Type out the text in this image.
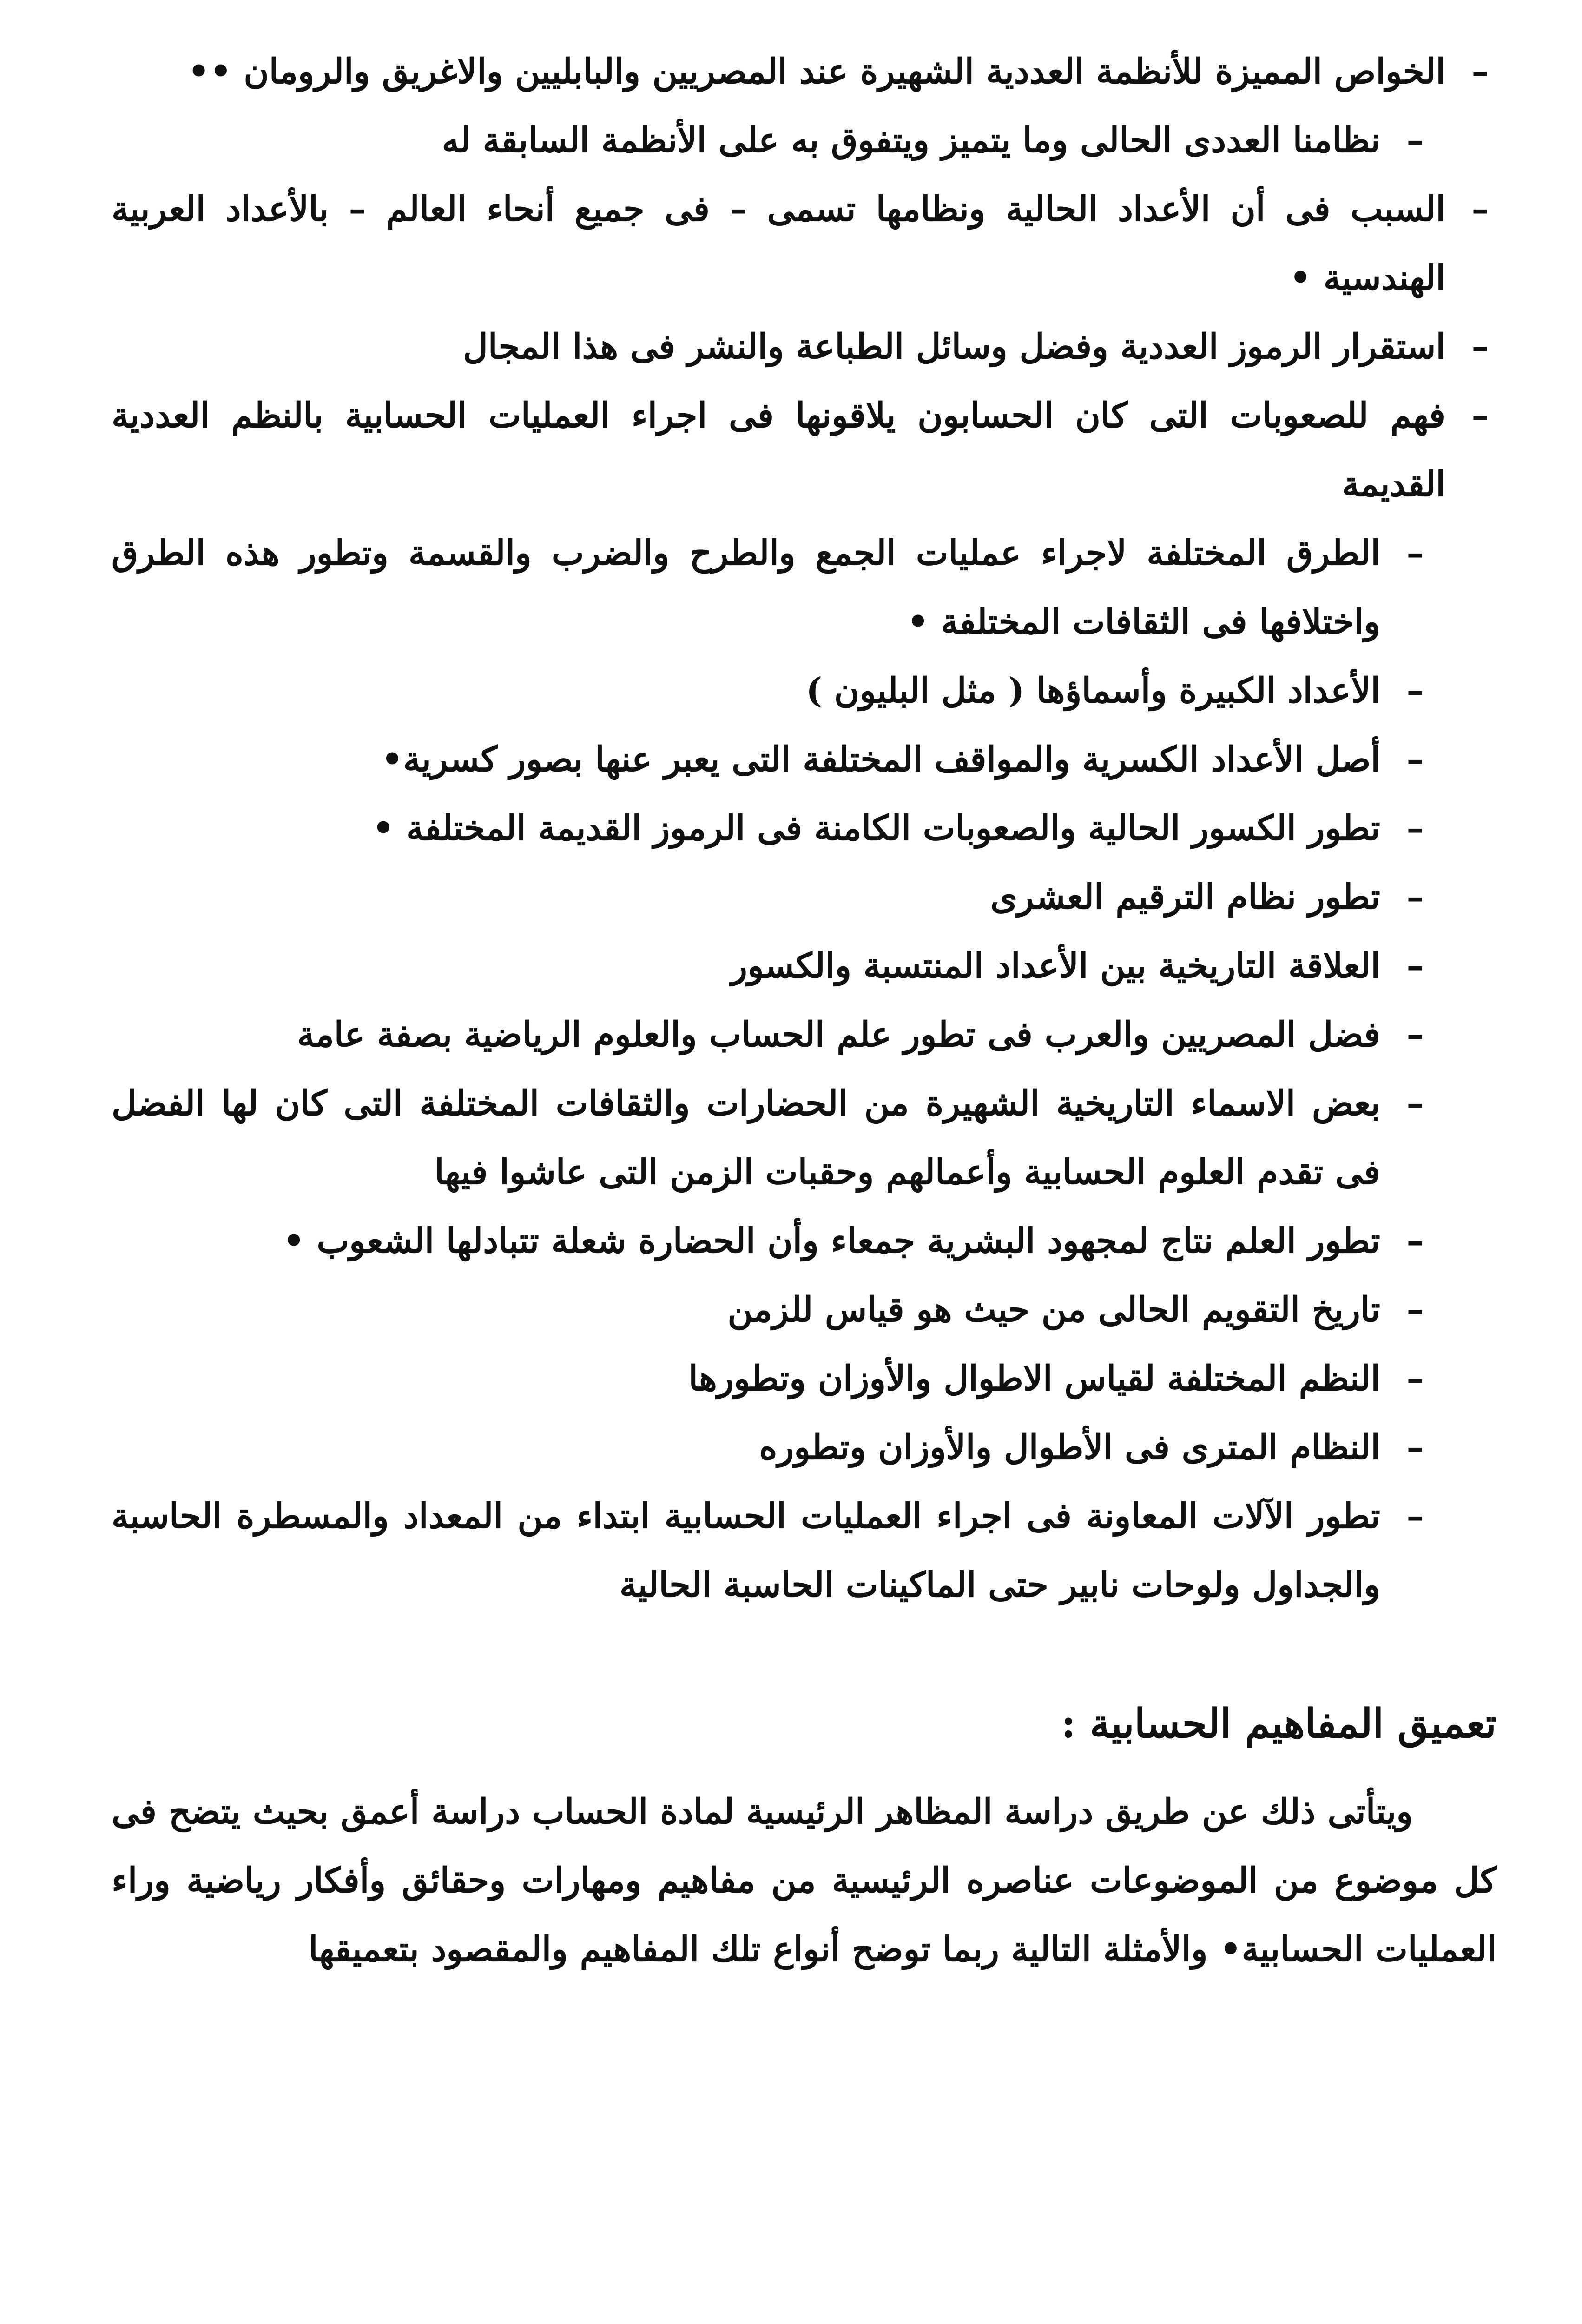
–
الخواص المميزة للأنظمة العددية الشهيرة عند المصريين والبابليين والاغريق والرومان ••
–
نظامنا العددى الحالى وما يتميز ويتفوق به على الأنظمة السابقة له
–
السبب فى أن الأعداد الحالية ونظامها تسمى – فى جميع أنحاء العالم – بالأعداد العربية الهندسية •
–
استقرار الرموز العددية وفضل وسائل الطباعة والنشر فى هذا المجال
–
فهم للصعوبات التى كان الحسابون يلاقونها فى اجراء العمليات الحسابية بالنظم العددية القديمة
–
الطرق المختلفة لاجراء عمليات الجمع والطرح والضرب والقسمة وتطور هذه الطرق واختلافها فى الثقافات المختلفة •
–
الأعداد الكبيرة وأسماؤها ( مثل البليون )
–
أصل الأعداد الكسرية والمواقف المختلفة التى يعبر عنها بصور كسرية•
–
تطور الكسور الحالية والصعوبات الكامنة فى الرموز القديمة المختلفة •
–
تطور نظام الترقيم العشرى
–
العلاقة التاريخية بين الأعداد المنتسبة والكسور
–
فضل المصريين والعرب فى تطور علم الحساب والعلوم الرياضية بصفة عامة
–
بعض الاسماء التاريخية الشهيرة من الحضارات والثقافات المختلفة التى كان لها الفضل فى تقدم العلوم الحسابية وأعمالهم وحقبات الزمن التى عاشوا فيها
–
تطور العلم نتاج لمجهود البشرية جمعاء وأن الحضارة شعلة تتبادلها الشعوب •
–
تاريخ التقويم الحالى من حيث هو قياس للزمن
–
النظم المختلفة لقياس الاطوال والأوزان وتطورها
–
النظام المترى فى الأطوال والأوزان وتطوره
–
تطور الآلات المعاونة فى اجراء العمليات الحسابية ابتداء من المعداد والمسطرة الحاسبة والجداول ولوحات نابير حتى الماكينات الحاسبة الحالية
تعميق المفاهيم الحسابية :

ويتأتى ذلك عن طريق دراسة المظاهر الرئيسية لمادة الحساب دراسة أعمق بحيث يتضح فى كل موضوع من الموضوعات عناصره الرئيسية من مفاهيم ومهارات وحقائق وأفكار رياضية وراء العمليات الحسابية• والأمثلة التالية ربما توضح أنواع تلك المفاهيم والمقصود بتعميقها
